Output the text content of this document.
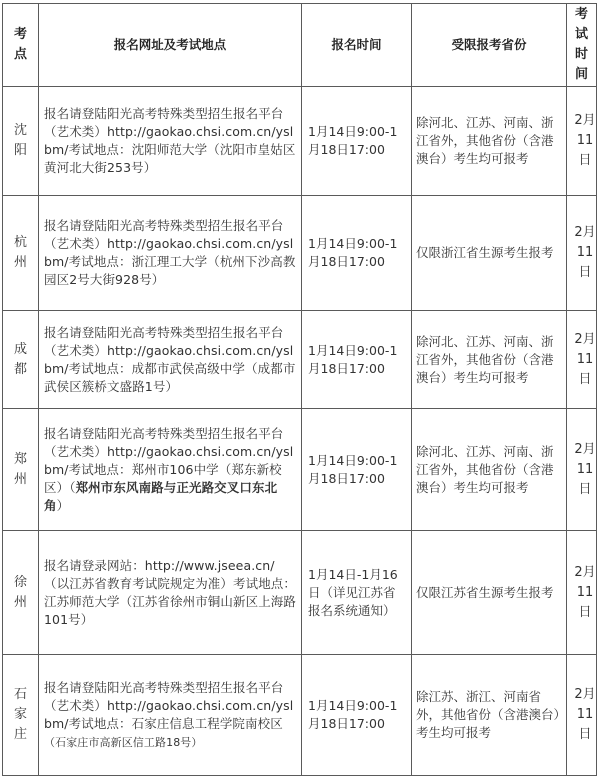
考点	报名网址及考试地点	报名时间	受限报考省份	考试时间
沈阳	报名请登陆阳光高考特殊类型招生报名平台（艺术类）http://gaokao.chsi.com.cn/yslbm/考试地点：沈阳师范大学（沈阳市皇姑区黄河北大街253号）	1月14日9:00-1月18日17:00	除河北、江苏、河南、浙江省外，其他省份（含港澳台）考生均可报考	2月11日
杭州	报名请登陆阳光高考特殊类型招生报名平台（艺术类）http://gaokao.chsi.com.cn/yslbm/考试地点：浙江理工大学（杭州下沙高教园区2号大街928号）	1月14日9:00-1月18日17:00	仅限浙江省生源考生报考	2月11日
成都	报名请登陆阳光高考特殊类型招生报名平台（艺术类）http://gaokao.chsi.com.cn/yslbm/考试地点：成都市武侯高级中学（成都市武侯区簇桥文盛路1号）	1月14日9:00-1月18日17:00	除河北、江苏、河南、浙江省外，其他省份（含港澳台）考生均可报考	2月11日
郑州	报名请登陆阳光高考特殊类型招生报名平台（艺术类）http://gaokao.chsi.com.cn/yslbm/考试地点：郑州市106中学（郑东新校区）（郑州市东风南路与正光路交叉口东北角）	1月14日9:00-1月18日17:00	除河北、江苏、河南、浙江省外，其他省份（含港澳台）考生均可报考	2月11日
徐州	报名请登录网站：http://www.jseea.cn/（以江苏省教育考试院规定为准）考试地点：江苏师范大学（江苏省徐州市铜山新区上海路101号）	1月14日-1月16日（详见江苏省报名系统通知）	仅限江苏省生源考生报考	2月11日
石家庄	报名请登陆阳光高考特殊类型招生报名平台（艺术类）http://gaokao.chsi.com.cn/yslbm/考试地点：石家庄信息工程学院南校区（石家庄市高新区信工路18号）	1月14日9:00-1月18日17:00	除江苏、浙江、河南省外，其他省份（含港澳台）考生均可报考	2月11日
